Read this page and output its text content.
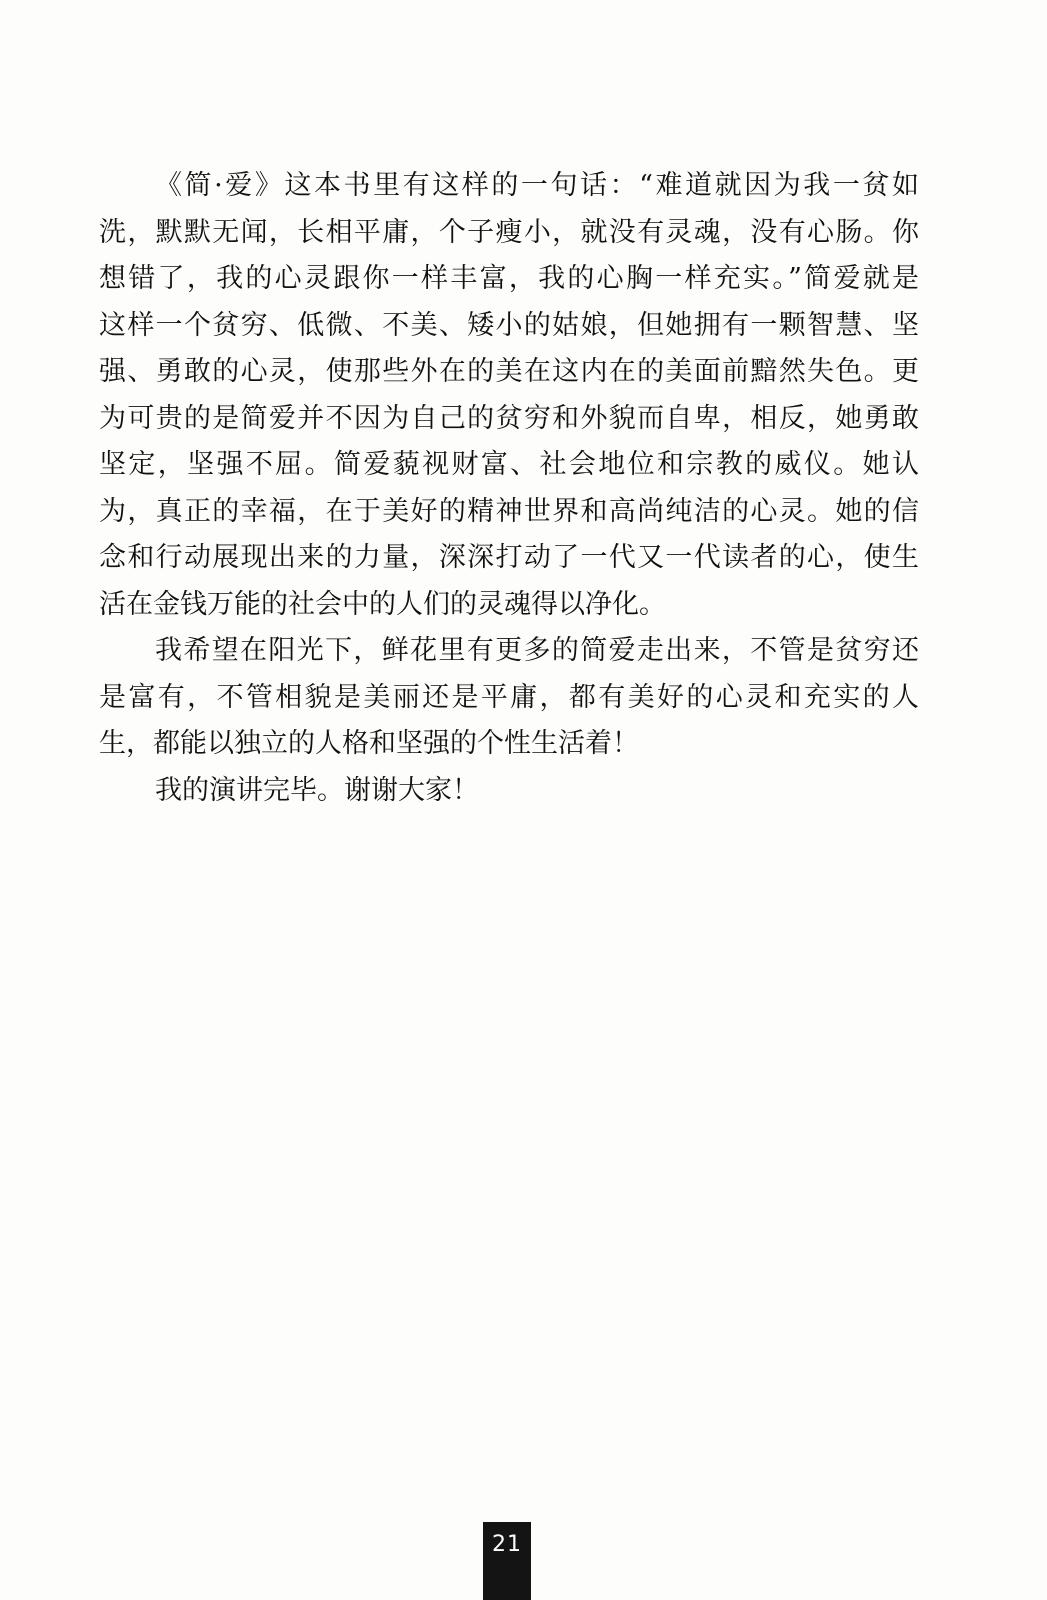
《简·爱》这本书里有这样的一句话：“难道就因为我一贫如
洗，默默无闻，长相平庸，个子瘦小，就没有灵魂，没有心肠。你
想错了，我的心灵跟你一样丰富，我的心胸一样充实。”简爱就是
这样一个贫穷、低微、不美、矮小的姑娘，但她拥有一颗智慧、坚
强、勇敢的心灵，使那些外在的美在这内在的美面前黯然失色。更
为可贵的是简爱并不因为自己的贫穷和外貌而自卑，相反，她勇敢
坚定，坚强不屈。简爱藐视财富、社会地位和宗教的威仪。她认
为，真正的幸福，在于美好的精神世界和高尚纯洁的心灵。她的信
念和行动展现出来的力量，深深打动了一代又一代读者的心，使生
活在金钱万能的社会中的人们的灵魂得以净化。
我希望在阳光下，鲜花里有更多的简爱走出来，不管是贫穷还
是富有，不管相貌是美丽还是平庸，都有美好的心灵和充实的人
生，都能以独立的人格和坚强的个性生活着！
我的演讲完毕。谢谢大家！
21
